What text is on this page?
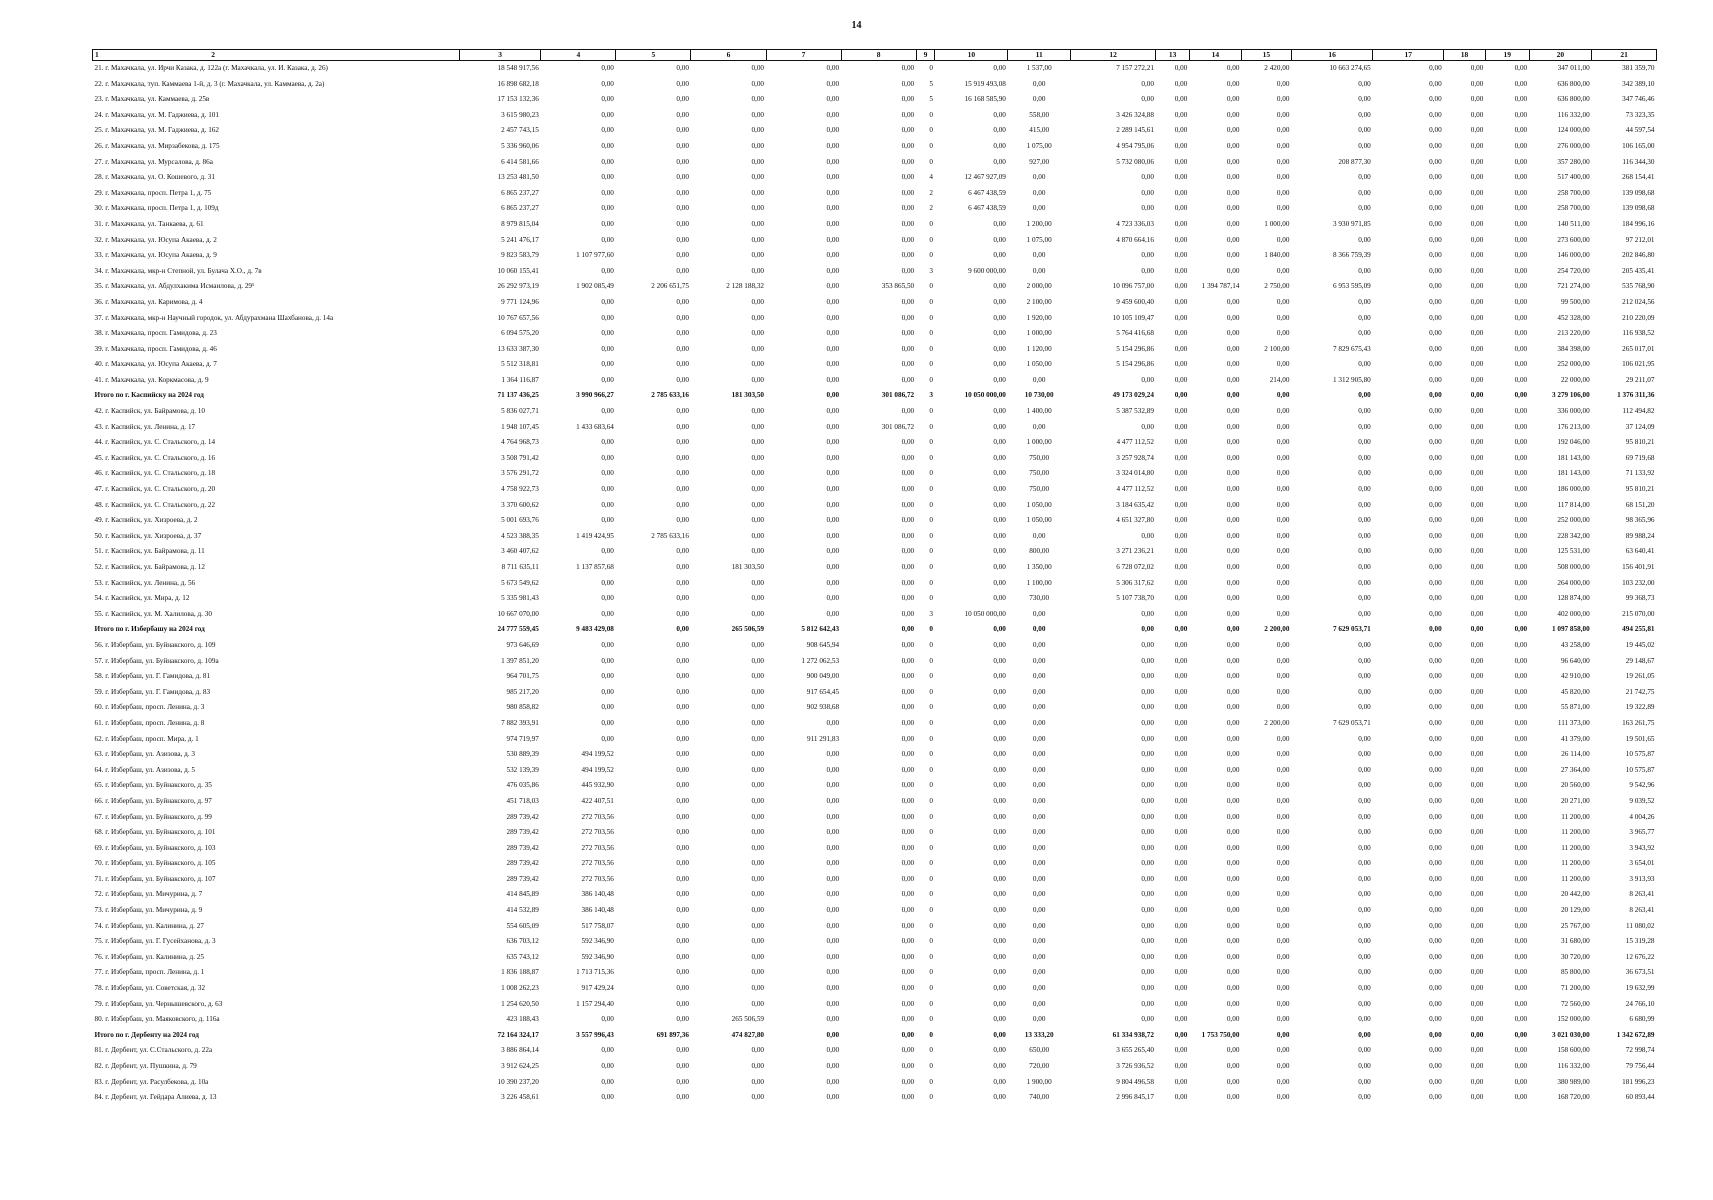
14
1                                                            2	3	4	5	6	7	8	9	10	11	12	13	14	15	16	17	18	19	20	21
21. г. Махачкала, ул. Ирчи Казака, д. 122а (г. Махачкала, ул. И. Казака, д. 26)	18 548 917,56	0,00	0,00	0,00	0,00	0,00	0	0,00	1 537,00	7 157 272,21	0,00	0,00	2 420,00	10 663 274,65	0,00	0,00	0,00	347 011,00	381 359,70
22. г. Махачкала, туп. Каммаева 1-й, д. 3 (г. Махачкала, ул. Каммаева, д. 2а)	16 898 682,18	0,00	0,00	0,00	0,00	0,00	5	15 919 493,08	0,00	0,00	0,00	0,00	0,00	0,00	0,00	0,00	0,00	636 800,00	342 389,10
23. г. Махачкала, ул. Каммаева, д. 25в	17 153 132,36	0,00	0,00	0,00	0,00	0,00	5	16 168 585,90	0,00	0,00	0,00	0,00	0,00	0,00	0,00	0,00	0,00	636 800,00	347 746,46
24. г. Махачкала, ул. М. Гаджиева, д. 101	3 615 980,23	0,00	0,00	0,00	0,00	0,00	0	0,00	558,00	3 426 324,88	0,00	0,00	0,00	0,00	0,00	0,00	0,00	116 332,00	73 323,35
25. г. Махачкала, ул. М. Гаджиева, д. 162	2 457 743,15	0,00	0,00	0,00	0,00	0,00	0	0,00	415,00	2 289 145,61	0,00	0,00	0,00	0,00	0,00	0,00	0,00	124 000,00	44 597,54
26. г. Махачкала, ул. Мирзабекова, д. 175	5 336 960,06	0,00	0,00	0,00	0,00	0,00	0	0,00	1 075,00	4 954 795,06	0,00	0,00	0,00	0,00	0,00	0,00	0,00	276 000,00	106 165,00
27. г. Махачкала, ул. Мурсалова, д. 86а	6 414 581,66	0,00	0,00	0,00	0,00	0,00	0	0,00	927,00	5 732 080,06	0,00	0,00	0,00	208 877,30	0,00	0,00	0,00	357 280,00	116 344,30
28. г. Махачкала, ул. О. Кошевого, д. 31	13 253 481,50	0,00	0,00	0,00	0,00	0,00	4	12 467 927,09	0,00	0,00	0,00	0,00	0,00	0,00	0,00	0,00	0,00	517 400,00	268 154,41
29. г. Махачкала, просп. Петра 1, д. 75	6 865 237,27	0,00	0,00	0,00	0,00	0,00	2	6 467 438,59	0,00	0,00	0,00	0,00	0,00	0,00	0,00	0,00	0,00	258 700,00	139 098,68
30. г. Махачкала, просп. Петра 1, д. 109д	6 865 237,27	0,00	0,00	0,00	0,00	0,00	2	6 467 438,59	0,00	0,00	0,00	0,00	0,00	0,00	0,00	0,00	0,00	258 700,00	139 098,68
31. г. Махачкала, ул. Танкаева, д. 61	8 979 815,04	0,00	0,00	0,00	0,00	0,00	0	0,00	1 200,00	4 723 336,03	0,00	0,00	1 000,00	3 930 971,85	0,00	0,00	0,00	140 511,00	184 996,16
32. г. Махачкала, ул. Юсупа Акаева, д. 2	5 241 476,17	0,00	0,00	0,00	0,00	0,00	0	0,00	1 075,00	4 870 664,16	0,00	0,00	0,00	0,00	0,00	0,00	0,00	273 600,00	97 212,01
33. г. Махачкала, ул. Юсупа Акаева, д. 9	9 823 583,79	1 107 977,60	0,00	0,00	0,00	0,00	0	0,00	0,00	0,00	0,00	0,00	1 840,00	8 366 759,39	0,00	0,00	0,00	146 000,00	202 846,80
34. г. Махачкала, мкр-н Степной, ул. Булача Х.О., д. 7в	10 060 155,41	0,00	0,00	0,00	0,00	0,00	3	9 600 000,00	0,00	0,00	0,00	0,00	0,00	0,00	0,00	0,00	0,00	254 720,00	205 435,41
35. г. Махачкала, ул. Абдулхакима Исмаилова, д. 29¹	26 292 973,19	1 902 085,49	2 206 651,75	2 128 188,32	0,00	353 865,50	0	0,00	2 000,00	10 096 757,00	0,00	1 394 787,14	2 750,00	6 953 595,09	0,00	0,00	0,00	721 274,00	535 768,90
36. г. Махачкала, ул. Каримова, д. 4	9 771 124,96	0,00	0,00	0,00	0,00	0,00	0	0,00	2 100,00	9 459 600,40	0,00	0,00	0,00	0,00	0,00	0,00	0,00	99 500,00	212 024,56
37. г. Махачкала, мкр-н Научный городок, ул. Абдурахмана Шахбанова, д. 14а	10 767 657,56	0,00	0,00	0,00	0,00	0,00	0	0,00	1 920,00	10 105 109,47	0,00	0,00	0,00	0,00	0,00	0,00	0,00	452 328,00	210 220,09
38. г. Махачкала, просп. Гамидова, д. 23	6 094 575,20	0,00	0,00	0,00	0,00	0,00	0	0,00	1 000,00	5 764 416,68	0,00	0,00	0,00	0,00	0,00	0,00	0,00	213 220,00	116 938,52
39. г. Махачкала, просп. Гамидова, д. 46	13 633 387,30	0,00	0,00	0,00	0,00	0,00	0	0,00	1 120,00	5 154 296,86	0,00	0,00	2 100,00	7 829 675,43	0,00	0,00	0,00	384 398,00	265 017,01
40. г. Махачкала, ул. Юсупа Акаева, д. 7	5 512 318,81	0,00	0,00	0,00	0,00	0,00	0	0,00	1 050,00	5 154 296,86	0,00	0,00	0,00	0,00	0,00	0,00	0,00	252 000,00	106 021,95
41. г. Махачкала, ул. Коркмасова, д. 9	1 364 116,87	0,00	0,00	0,00	0,00	0,00	0	0,00	0,00	0,00	0,00	0,00	214,00	1 312 905,80	0,00	0,00	0,00	22 000,00	29 211,07
Итого по г. Каспийску на 2024 год	71 137 436,25	3 990 966,27	2 785 633,16	181 303,50	0,00	301 086,72	3	10 050 000,00	10 730,00	49 173 029,24	0,00	0,00	0,00	0,00	0,00	0,00	0,00	3 279 106,00	1 376 311,36
42. г. Каспийск, ул. Байрамова, д. 10	5 836 027,71	0,00	0,00	0,00	0,00	0,00	0	0,00	1 400,00	5 387 532,89	0,00	0,00	0,00	0,00	0,00	0,00	0,00	336 000,00	112 494,82
43. г. Каспийск, ул. Ленина, д. 17	1 948 107,45	1 433 683,64	0,00	0,00	0,00	301 086,72	0	0,00	0,00	0,00	0,00	0,00	0,00	0,00	0,00	0,00	0,00	176 213,00	37 124,09
44. г. Каспийск, ул. С. Стальского, д. 14	4 764 968,73	0,00	0,00	0,00	0,00	0,00	0	0,00	1 000,00	4 477 112,52	0,00	0,00	0,00	0,00	0,00	0,00	0,00	192 046,00	95 810,21
45. г. Каспийск, ул. С. Стальского, д. 16	3 508 791,42	0,00	0,00	0,00	0,00	0,00	0	0,00	750,00	3 257 928,74	0,00	0,00	0,00	0,00	0,00	0,00	0,00	181 143,00	69 719,68
46. г. Каспийск, ул. С. Стальского, д. 18	3 576 291,72	0,00	0,00	0,00	0,00	0,00	0	0,00	750,00	3 324 014,80	0,00	0,00	0,00	0,00	0,00	0,00	0,00	181 143,00	71 133,92
47. г. Каспийск, ул. С. Стальского, д. 20	4 758 922,73	0,00	0,00	0,00	0,00	0,00	0	0,00	750,00	4 477 112,52	0,00	0,00	0,00	0,00	0,00	0,00	0,00	186 000,00	95 810,21
48. г. Каспийск, ул. С. Стальского, д. 22	3 370 600,62	0,00	0,00	0,00	0,00	0,00	0	0,00	1 050,00	3 184 635,42	0,00	0,00	0,00	0,00	0,00	0,00	0,00	117 814,00	68 151,20
49. г. Каспийск, ул. Хизроева, д. 2	5 001 693,76	0,00	0,00	0,00	0,00	0,00	0	0,00	1 050,00	4 651 327,80	0,00	0,00	0,00	0,00	0,00	0,00	0,00	252 000,00	98 365,96
50. г. Каспийск, ул. Хизроева, д. 37	4 523 388,35	1 419 424,95	2 785 633,16	0,00	0,00	0,00	0	0,00	0,00	0,00	0,00	0,00	0,00	0,00	0,00	0,00	0,00	228 342,00	89 988,24
51. г. Каспийск, ул. Байрамова, д. 11	3 460 407,62	0,00	0,00	0,00	0,00	0,00	0	0,00	800,00	3 271 236,21	0,00	0,00	0,00	0,00	0,00	0,00	0,00	125 531,00	63 640,41
52. г. Каспийск, ул. Байрамова, д. 12	8 711 635,11	1 137 857,68	0,00	181 303,50	0,00	0,00	0	0,00	1 350,00	6 728 072,02	0,00	0,00	0,00	0,00	0,00	0,00	0,00	508 000,00	156 401,91
53. г. Каспийск, ул. Ленина, д. 56	5 673 549,62	0,00	0,00	0,00	0,00	0,00	0	0,00	1 100,00	5 306 317,62	0,00	0,00	0,00	0,00	0,00	0,00	0,00	264 000,00	103 232,00
54. г. Каспийск, ул. Мира, д. 12	5 335 981,43	0,00	0,00	0,00	0,00	0,00	0	0,00	730,00	5 107 738,70	0,00	0,00	0,00	0,00	0,00	0,00	0,00	128 874,00	99 368,73
55. г. Каспийск, ул. М. Халилова, д. 30	10 667 070,00	0,00	0,00	0,00	0,00	0,00	3	10 050 000,00	0,00	0,00	0,00	0,00	0,00	0,00	0,00	0,00	0,00	402 000,00	215 070,00
Итого по г. Избербашу на 2024 год	24 777 559,45	9 483 429,08	0,00	265 506,59	5 812 642,43	0,00	0	0,00	0,00	0,00	0,00	0,00	2 200,00	7 629 053,71	0,00	0,00	0,00	1 097 858,00	494 255,81
56. г. Избербаш, ул. Буйнакского, д. 109	973 646,69	0,00	0,00	0,00	908 645,94	0,00	0	0,00	0,00	0,00	0,00	0,00	0,00	0,00	0,00	0,00	0,00	43 258,00	19 445,02
57. г. Избербаш, ул. Буйнакского, д. 109а	1 397 851,20	0,00	0,00	0,00	1 272 062,53	0,00	0	0,00	0,00	0,00	0,00	0,00	0,00	0,00	0,00	0,00	0,00	96 640,00	29 148,67
58. г. Избербаш, ул. Г. Гамидова, д. 81	964 701,75	0,00	0,00	0,00	900 049,00	0,00	0	0,00	0,00	0,00	0,00	0,00	0,00	0,00	0,00	0,00	0,00	42 910,00	19 261,05
59. г. Избербаш, ул. Г. Гамидова, д. 83	985 217,20	0,00	0,00	0,00	917 654,45	0,00	0	0,00	0,00	0,00	0,00	0,00	0,00	0,00	0,00	0,00	0,00	45 820,00	21 742,75
60. г. Избербаш, просп. Ленина, д. 3	980 858,82	0,00	0,00	0,00	902 938,68	0,00	0	0,00	0,00	0,00	0,00	0,00	0,00	0,00	0,00	0,00	0,00	55 871,00	19 322,89
61. г. Избербаш, просп. Ленина, д. 8	7 882 393,91	0,00	0,00	0,00	0,00	0,00	0	0,00	0,00	0,00	0,00	0,00	2 200,00	7 629 053,71	0,00	0,00	0,00	111 373,00	163 261,75
62. г. Избербаш, просп. Мира, д. 1	974 719,97	0,00	0,00	0,00	911 291,83	0,00	0	0,00	0,00	0,00	0,00	0,00	0,00	0,00	0,00	0,00	0,00	41 379,00	19 501,65
63. г. Избербаш, ул. Азизова, д. 3	530 889,39	494 199,52	0,00	0,00	0,00	0,00	0	0,00	0,00	0,00	0,00	0,00	0,00	0,00	0,00	0,00	0,00	26 114,00	10 575,87
64. г. Избербаш, ул. Азизова, д. 5	532 139,39	494 199,52	0,00	0,00	0,00	0,00	0	0,00	0,00	0,00	0,00	0,00	0,00	0,00	0,00	0,00	0,00	27 364,00	10 575,87
65. г. Избербаш, ул. Буйнакского, д. 35	476 035,86	445 932,90	0,00	0,00	0,00	0,00	0	0,00	0,00	0,00	0,00	0,00	0,00	0,00	0,00	0,00	0,00	20 560,00	9 542,96
66. г. Избербаш, ул. Буйнакского, д. 97	451 718,03	422 407,51	0,00	0,00	0,00	0,00	0	0,00	0,00	0,00	0,00	0,00	0,00	0,00	0,00	0,00	0,00	20 271,00	9 039,52
67. г. Избербаш, ул. Буйнакского, д. 99	289 739,42	272 703,56	0,00	0,00	0,00	0,00	0	0,00	0,00	0,00	0,00	0,00	0,00	0,00	0,00	0,00	0,00	11 200,00	4 004,26
68. г. Избербаш, ул. Буйнакского, д. 101	289 739,42	272 703,56	0,00	0,00	0,00	0,00	0	0,00	0,00	0,00	0,00	0,00	0,00	0,00	0,00	0,00	0,00	11 200,00	3 965,77
69. г. Избербаш, ул. Буйнакского, д. 103	289 739,42	272 703,56	0,00	0,00	0,00	0,00	0	0,00	0,00	0,00	0,00	0,00	0,00	0,00	0,00	0,00	0,00	11 200,00	3 943,92
70. г. Избербаш, ул. Буйнакского, д. 105	289 739,42	272 703,56	0,00	0,00	0,00	0,00	0	0,00	0,00	0,00	0,00	0,00	0,00	0,00	0,00	0,00	0,00	11 200,00	3 654,01
71. г. Избербаш, ул. Буйнакского, д. 107	289 739,42	272 703,56	0,00	0,00	0,00	0,00	0	0,00	0,00	0,00	0,00	0,00	0,00	0,00	0,00	0,00	0,00	11 200,00	3 913,93
72. г. Избербаш, ул. Мичурина, д. 7	414 845,89	386 140,48	0,00	0,00	0,00	0,00	0	0,00	0,00	0,00	0,00	0,00	0,00	0,00	0,00	0,00	0,00	20 442,00	8 263,41
73. г. Избербаш, ул. Мичурина, д. 9	414 532,89	386 140,48	0,00	0,00	0,00	0,00	0	0,00	0,00	0,00	0,00	0,00	0,00	0,00	0,00	0,00	0,00	20 129,00	8 263,41
74. г. Избербаш, ул. Калинина, д. 27	554 605,09	517 758,07	0,00	0,00	0,00	0,00	0	0,00	0,00	0,00	0,00	0,00	0,00	0,00	0,00	0,00	0,00	25 767,00	11 080,02
75. г. Избербаш, ул. Г. Гусейханова, д. 3	636 703,12	592 346,90	0,00	0,00	0,00	0,00	0	0,00	0,00	0,00	0,00	0,00	0,00	0,00	0,00	0,00	0,00	31 680,00	15 319,28
76. г. Избербаш, ул. Калинина, д. 25	635 743,12	592 346,90	0,00	0,00	0,00	0,00	0	0,00	0,00	0,00	0,00	0,00	0,00	0,00	0,00	0,00	0,00	30 720,00	12 676,22
77. г. Избербаш, просп. Ленина, д. 1	1 836 188,87	1 713 715,36	0,00	0,00	0,00	0,00	0	0,00	0,00	0,00	0,00	0,00	0,00	0,00	0,00	0,00	0,00	85 800,00	36 673,51
78. г. Избербаш, ул. Советская, д. 32	1 008 262,23	917 429,24	0,00	0,00	0,00	0,00	0	0,00	0,00	0,00	0,00	0,00	0,00	0,00	0,00	0,00	0,00	71 200,00	19 632,99
79. г. Избербаш, ул. Чернышевского, д. 63	1 254 620,50	1 157 294,40	0,00	0,00	0,00	0,00	0	0,00	0,00	0,00	0,00	0,00	0,00	0,00	0,00	0,00	0,00	72 560,00	24 766,10
80. г. Избербаш, ул. Маяковского, д. 116а	423 188,43	0,00	0,00	265 506,59	0,00	0,00	0	0,00	0,00	0,00	0,00	0,00	0,00	0,00	0,00	0,00	0,00	152 000,00	6 680,99
Итого по г. Дербенту на 2024 год	72 164 324,17	3 557 996,43	691 897,36	474 827,80	0,00	0,00	0	0,00	13 333,20	61 334 938,72	0,00	1 753 750,00	0,00	0,00	0,00	0,00	0,00	3 021 030,00	1 342 672,89
81. г. Дербент, ул. С.Стальского, д. 22а	3 886 864,14	0,00	0,00	0,00	0,00	0,00	0	0,00	650,00	3 655 265,40	0,00	0,00	0,00	0,00	0,00	0,00	0,00	158 600,00	72 998,74
82. г. Дербент, ул. Пушкина, д. 79	3 912 624,25	0,00	0,00	0,00	0,00	0,00	0	0,00	720,00	3 726 936,52	0,00	0,00	0,00	0,00	0,00	0,00	0,00	116 332,00	79 756,44
83. г. Дербент, ул. Расулбекова, д. 10а	10 390 237,20	0,00	0,00	0,00	0,00	0,00	0	0,00	1 900,00	9 804 496,58	0,00	0,00	0,00	0,00	0,00	0,00	0,00	380 989,00	181 996,23
84. г. Дербент, ул. Гейдара Алиева, д. 13	3 226 458,61	0,00	0,00	0,00	0,00	0,00	0	0,00	740,00	2 996 845,17	0,00	0,00	0,00	0,00	0,00	0,00	0,00	168 720,00	60 893,44
